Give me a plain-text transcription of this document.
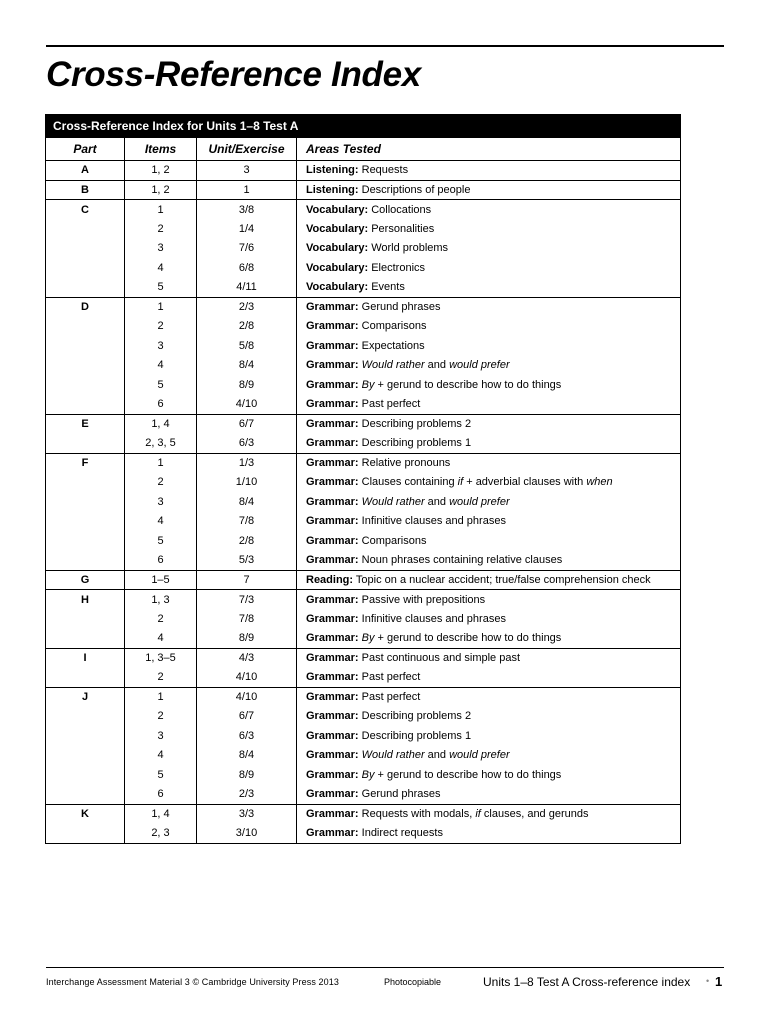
Cross-Reference Index
Cross-Reference Index for Units 1–8 Test A			
Part	Items	Unit/Exercise	Areas Tested
A	1, 2	3	Listening: Requests
B	1, 2	1	Listening: Descriptions of people
C	1	3/8	Vocabulary: Collocations
	2	1/4	Vocabulary: Personalities
	3	7/6	Vocabulary: World problems
	4	6/8	Vocabulary: Electronics
	5	4/11	Vocabulary: Events
D	1	2/3	Grammar: Gerund phrases
	2	2/8	Grammar: Comparisons
	3	5/8	Grammar: Expectations
	4	8/4	Grammar: Would rather and would prefer
	5	8/9	Grammar: By + gerund to describe how to do things
	6	4/10	Grammar: Past perfect
E	1, 4	6/7	Grammar: Describing problems 2
	2, 3, 5	6/3	Grammar: Describing problems 1
F	1	1/3	Grammar: Relative pronouns
	2	1/10	Grammar: Clauses containing if + adverbial clauses with when
	3	8/4	Grammar: Would rather and would prefer
	4	7/8	Grammar: Infinitive clauses and phrases
	5	2/8	Grammar: Comparisons
	6	5/3	Grammar: Noun phrases containing relative clauses
G	1–5	7	Reading: Topic on a nuclear accident; true/false comprehension check
H	1, 3	7/3	Grammar: Passive with prepositions
	2	7/8	Grammar: Infinitive clauses and phrases
	4	8/9	Grammar: By + gerund to describe how to do things
I	1, 3–5	4/3	Grammar: Past continuous and simple past
	2	4/10	Grammar: Past perfect
J	1	4/10	Grammar: Past perfect
	2	6/7	Grammar: Describing problems 2
	3	6/3	Grammar: Describing problems 1
	4	8/4	Grammar: Would rather and would prefer
	5	8/9	Grammar: By + gerund to describe how to do things
	6	2/3	Grammar: Gerund phrases
K	1, 4	3/3	Grammar: Requests with modals, if clauses, and gerunds
	2, 3	3/10	Grammar: Indirect requests
Interchange Assessment Material 3 © Cambridge University Press 2013	Photocopiable	Units 1–8 Test A Cross-reference index • 1
